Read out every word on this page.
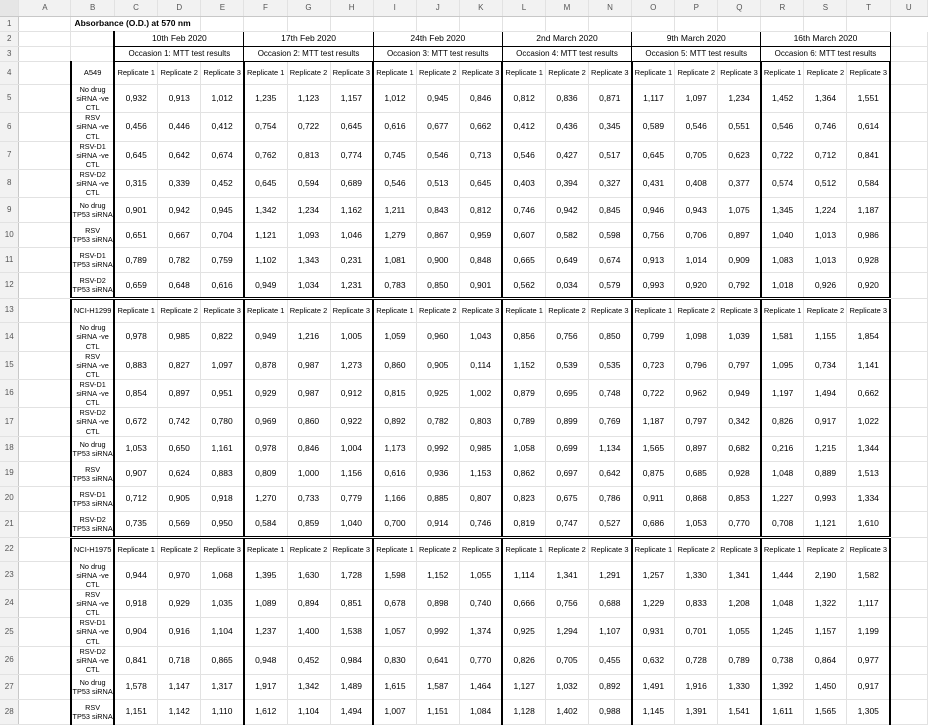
	A	B	C	D	E	F	G	H	I	J	K	L	M	N	O	P	Q	R	S	T	U
1		Absorbance (O.D.) at 570 nm																			
2			10th Feb 2020			17th Feb 2020			24th Feb 2020			2nd March 2020			9th March 2020			16th March 2020			
3			Occasion 1: MTT test results			Occasion 2: MTT test results			Occasion 3: MTT test results			Occasion 4: MTT test results			Occasion 5: MTT test results			Occasion 6: MTT test results			
4		A549	Replicate 1	Replicate 2	Replicate 3	Replicate 1	Replicate 2	Replicate 3	Replicate 1	Replicate 2	Replicate 3	Replicate 1	Replicate 2	Replicate 3	Replicate 1	Replicate 2	Replicate 3	Replicate 1	Replicate 2	Replicate 3	
5		No drug
siRNA -ve CTL	0,932	0,913	1,012	1,235	1,123	1,157	1,012	0,945	0,846	0,812	0,836	0,871	1,117	1,097	1,234	1,452	1,364	1,551	
6		RSV
siRNA -ve CTL	0,456	0,446	0,412	0,754	0,722	0,645	0,616	0,677	0,662	0,412	0,436	0,345	0,589	0,546	0,551	0,546	0,746	0,614	
7		RSV-D1
siRNA -ve CTL	0,645	0,642	0,674	0,762	0,813	0,774	0,745	0,546	0,713	0,546	0,427	0,517	0,645	0,705	0,623	0,722	0,712	0,841	
8		RSV-D2
siRNA -ve CTL	0,315	0,339	0,452	0,645	0,594	0,689	0,546	0,513	0,645	0,403	0,394	0,327	0,431	0,408	0,377	0,574	0,512	0,584	
9		No drug
TP53 siRNA	0,901	0,942	0,945	1,342	1,234	1,162	1,211	0,843	0,812	0,746	0,942	0,845	0,946	0,943	1,075	1,345	1,224	1,187	
10		RSV
TP53 siRNA	0,651	0,667	0,704	1,121	1,093	1,046	1,279	0,867	0,959	0,607	0,582	0,598	0,756	0,706	0,897	1,040	1,013	0,986	
11		RSV-D1
TP53 siRNA	0,789	0,782	0,759	1,102	1,343	0,231	1,081	0,900	0,848	0,665	0,649	0,674	0,913	1,014	0,909	1,083	1,013	0,928	
12		RSV-D2
TP53 siRNA	0,659	0,648	0,616	0,949	1,034	1,231	0,783	0,850	0,901	0,562	0,034	0,579	0,993	0,920	0,792	1,018	0,926	0,920	
13		NCI-H1299	Replicate 1	Replicate 2	Replicate 3	Replicate 1	Replicate 2	Replicate 3	Replicate 1	Replicate 2	Replicate 3	Replicate 1	Replicate 2	Replicate 3	Replicate 1	Replicate 2	Replicate 3	Replicate 1	Replicate 2	Replicate 3	
14		No drug
siRNA -ve CTL	0,978	0,985	0,822	0,949	1,216	1,005	1,059	0,960	1,043	0,856	0,756	0,850	0,799	1,098	1,039	1,581	1,155	1,854	
15		RSV
siRNA -ve CTL	0,883	0,827	1,097	0,878	0,987	1,273	0,860	0,905	0,114	1,152	0,539	0,535	0,723	0,796	0,797	1,095	0,734	1,141	
16		RSV-D1
siRNA -ve CTL	0,854	0,897	0,951	0,929	0,987	0,912	0,815	0,925	1,002	0,879	0,695	0,748	0,722	0,962	0,949	1,197	1,494	0,662	
17		RSV-D2
siRNA -ve CTL	0,672	0,742	0,780	0,969	0,860	0,922	0,892	0,782	0,803	0,789	0,899	0,769	1,187	0,797	0,342	0,826	0,917	1,022	
18		No drug
TP53 siRNA	1,053	0,650	1,161	0,978	0,846	1,004	1,173	0,992	0,985	1,058	0,699	1,134	1,565	0,897	0,682	0,216	1,215	1,344	
19		RSV
TP53 siRNA	0,907	0,624	0,883	0,809	1,000	1,156	0,616	0,936	1,153	0,862	0,697	0,642	0,875	0,685	0,928	1,048	0,889	1,513	
20		RSV-D1
TP53 siRNA	0,712	0,905	0,918	1,270	0,733	0,779	1,166	0,885	0,807	0,823	0,675	0,786	0,911	0,868	0,853	1,227	0,993	1,334	
21		RSV-D2
TP53 siRNA	0,735	0,569	0,950	0,584	0,859	1,040	0,700	0,914	0,746	0,819	0,747	0,527	0,686	1,053	0,770	0,708	1,121	1,610	
22		NCI-H1975	Replicate 1	Replicate 2	Replicate 3	Replicate 1	Replicate 2	Replicate 3	Replicate 1	Replicate 2	Replicate 3	Replicate 1	Replicate 2	Replicate 3	Replicate 1	Replicate 2	Replicate 3	Replicate 1	Replicate 2	Replicate 3	
23		No drug
siRNA -ve CTL	0,944	0,970	1,068	1,395	1,630	1,728	1,598	1,152	1,055	1,114	1,341	1,291	1,257	1,330	1,341	1,444	2,190	1,582	
24		RSV
siRNA -ve CTL	0,918	0,929	1,035	1,089	0,894	0,851	0,678	0,898	0,740	0,666	0,756	0,688	1,229	0,833	1,208	1,048	1,322	1,117	
25		RSV-D1
siRNA -ve CTL	0,904	0,916	1,104	1,237	1,400	1,538	1,057	0,992	1,374	0,925	1,294	1,107	0,931	0,701	1,055	1,245	1,157	1,199	
26		RSV-D2
siRNA -ve CTL	0,841	0,718	0,865	0,948	0,452	0,984	0,830	0,641	0,770	0,826	0,705	0,455	0,632	0,728	0,789	0,738	0,864	0,977	
27		No drug
TP53 siRNA	1,578	1,147	1,317	1,917	1,342	1,489	1,615	1,587	1,464	1,127	1,032	0,892	1,491	1,916	1,330	1,392	1,450	0,917	
28		RSV
TP53 siRNA	1,151	1,142	1,110	1,612	1,104	1,494	1,007	1,151	1,084	1,128	1,402	0,988	1,145	1,391	1,541	1,611	1,565	1,305	
